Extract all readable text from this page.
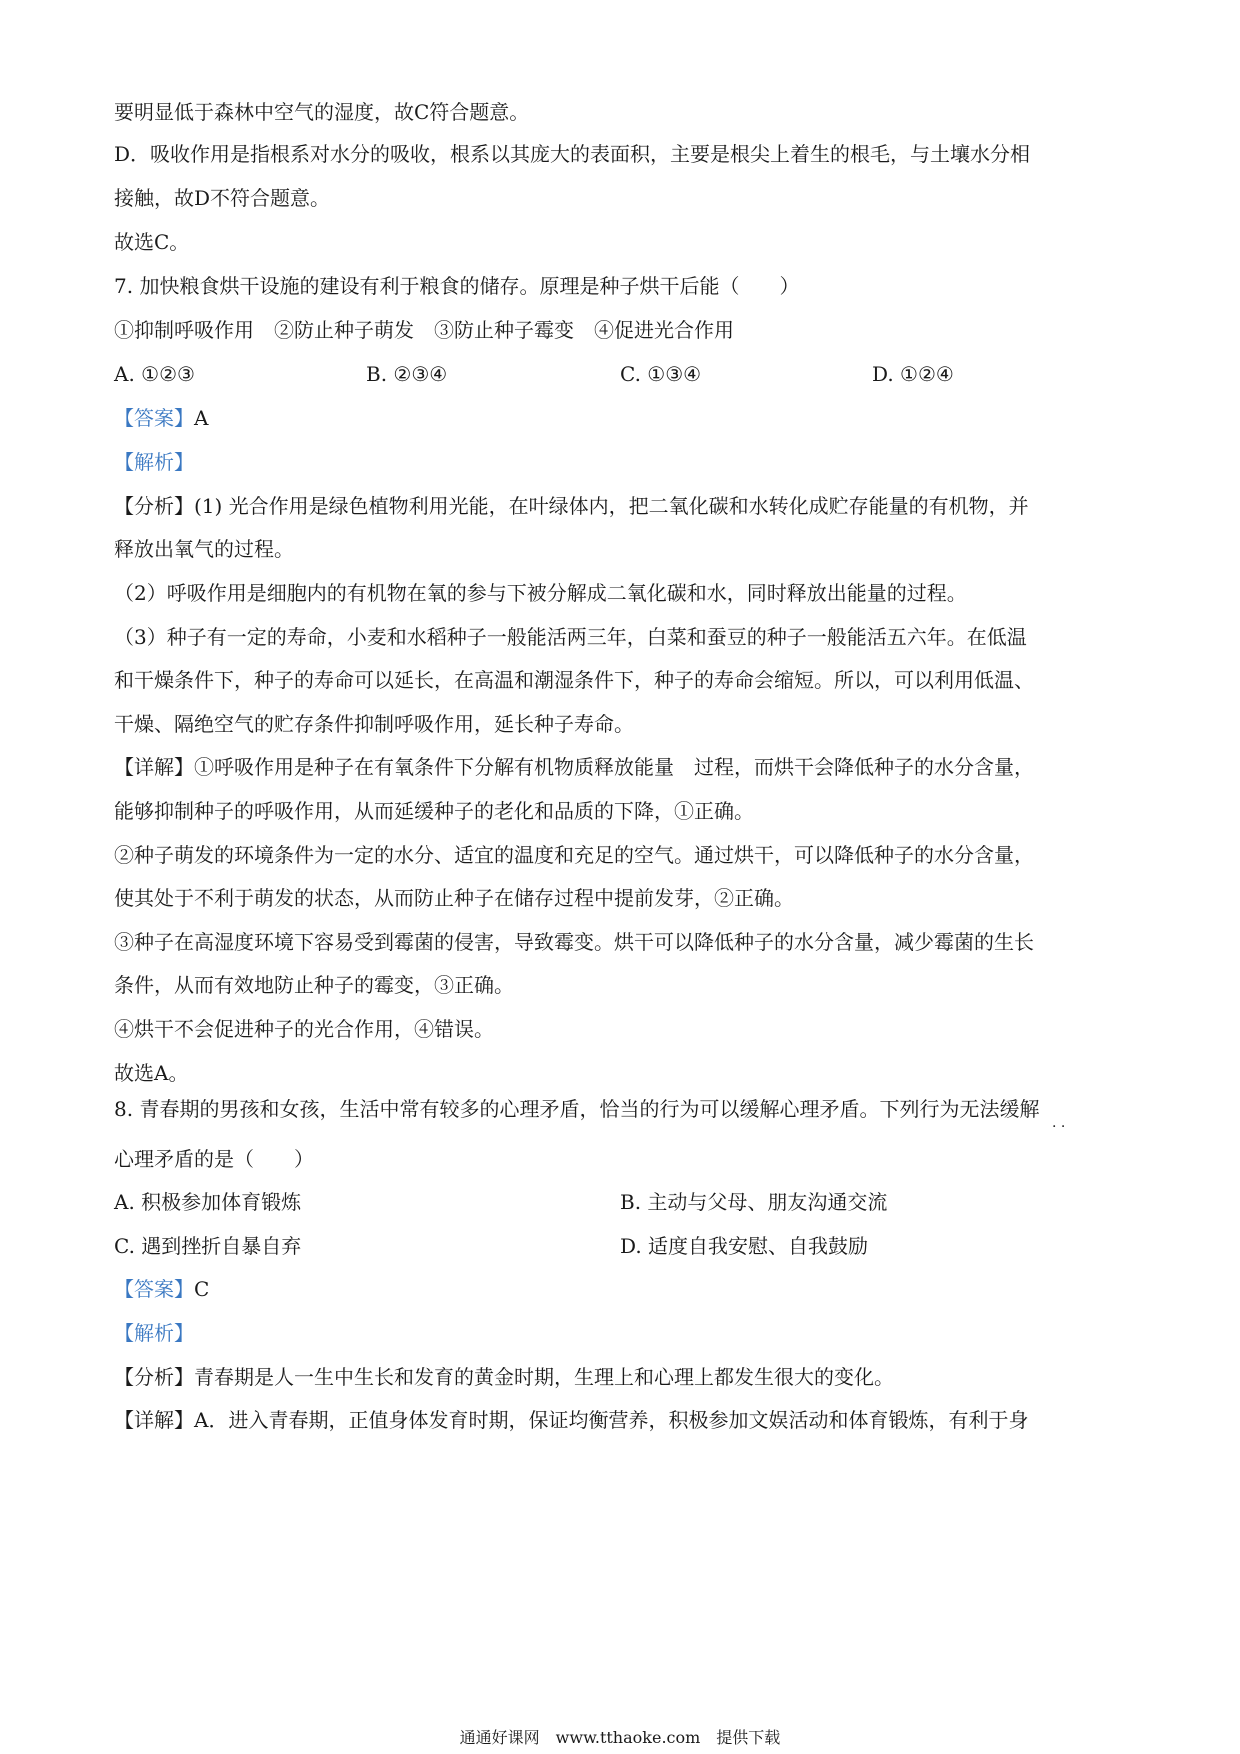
要明显低于森林中空气的湿度，故C符合题意。
D．吸收作用是指根系对水分的吸收，根系以其庞大的表面积，主要是根尖上着生的根毛，与土壤水分相
接触，故D不符合题意。
故选C。
7. 加快粮食烘干设施的建设有利于粮食的储存。原理是种子烘干后能（　　）
①抑制呼吸作用　②防止种子萌发　③防止种子霉变　④促进光合作用
A. ①②③	B. ②③④	C. ①③④	D. ①②④
【答案】A
【解析】
【分析】(1) 光合作用是绿色植物利用光能，在叶绿体内，把二氧化碳和水转化成贮存能量的有机物，并
释放出氧气的过程。
（2）呼吸作用是细胞内的有机物在氧的参与下被分解成二氧化碳和水，同时释放出能量的过程。
（3）种子有一定的寿命，小麦和水稻种子一般能活两三年，白菜和蚕豆的种子一般能活五六年。在低温
和干燥条件下，种子的寿命可以延长，在高温和潮湿条件下，种子的寿命会缩短。所以，可以利用低温、
干燥、隔绝空气的贮存条件抑制呼吸作用，延长种子寿命。
【详解】①呼吸作用是种子在有氧条件下分解有机物质释放能量　过程，而烘干会降低种子的水分含量，
能够抑制种子的呼吸作用，从而延缓种子的老化和品质的下降，①正确。
②种子萌发的环境条件为一定的水分、适宜的温度和充足的空气。通过烘干，可以降低种子的水分含量，
使其处于不利于萌发的状态，从而防止种子在储存过程中提前发芽，②正确。
③种子在高湿度环境下容易受到霉菌的侵害，导致霉变。烘干可以降低种子的水分含量，减少霉菌的生长
条件，从而有效地防止种子的霉变，③正确。
④烘干不会促进种子的光合作用，④错误。
故选A。
8. 青春期的男孩和女孩，生活中常有较多的心理矛盾，恰当的行为可以缓解心理矛盾。下列行为无法缓解
· ·
心理矛盾的是（　　）
A. 积极参加体育锻炼	B. 主动与父母、朋友沟通交流
C. 遇到挫折自暴自弃	D. 适度自我安慰、自我鼓励
【答案】C
【解析】
【分析】青春期是人一生中生长和发育的黄金时期，生理上和心理上都发生很大的变化。
【详解】A．进入青春期，正值身体发育时期，保证均衡营养，积极参加文娱活动和体育锻炼，有利于身
通通好课网　www.tthaoke.com　提供下载
